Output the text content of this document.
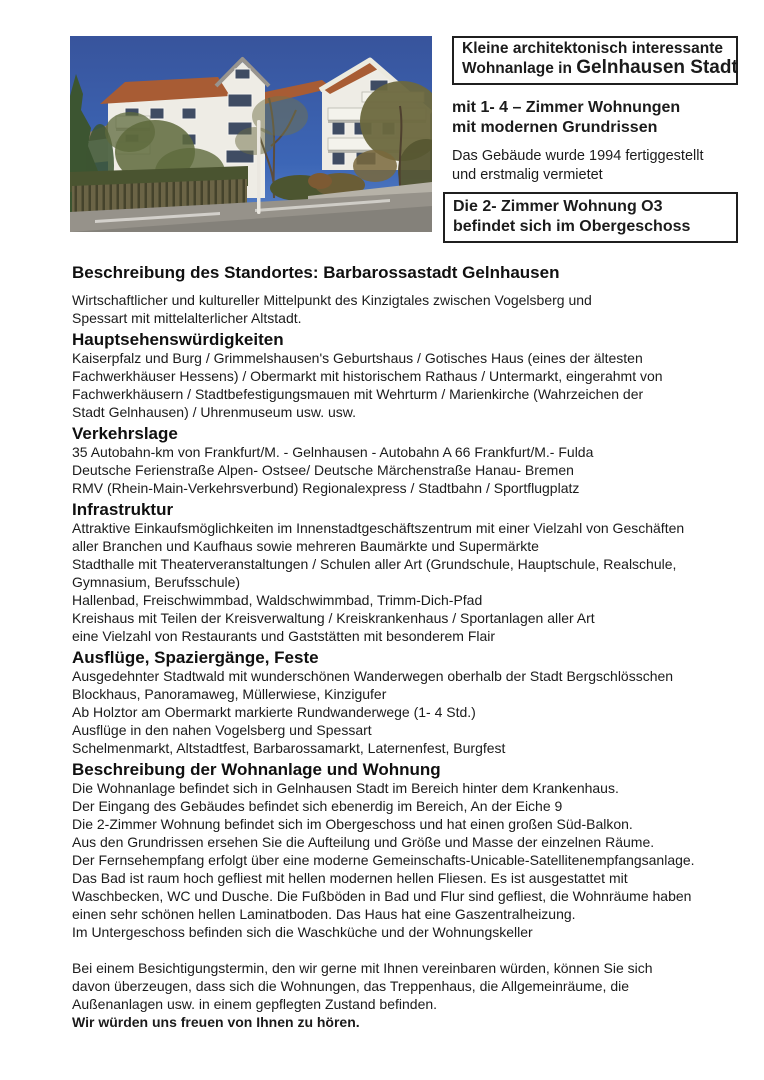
Kleine architektonisch interessante
Wohnanlage in Gelnhausen Stadt
mit 1- 4 – Zimmer Wohnungen
mit modernen Grundrissen
Das Gebäude wurde 1994 fertiggestellt
und erstmalig vermietet
Die 2- Zimmer Wohnung O3
befindet sich im Obergeschoss
Beschreibung des Standortes: Barbarossastadt Gelnhausen
Wirtschaftlicher und kultureller Mittelpunkt des Kinzigtales zwischen Vogelsberg und
Spessart mit mittelalterlicher Altstadt.
Hauptsehenswürdigkeiten
Kaiserpfalz und Burg / Grimmelshausen's Geburtshaus / Gotisches Haus (eines der ältesten
Fachwerkhäuser Hessens) / Obermarkt mit historischem Rathaus / Untermarkt, eingerahmt von
Fachwerkhäusern / Stadtbefestigungsmauen mit Wehrturm / Marienkirche (Wahrzeichen der
Stadt Gelnhausen) / Uhrenmuseum usw. usw.
Verkehrslage
35 Autobahn-km von Frankfurt/M. - Gelnhausen - Autobahn A 66 Frankfurt/M.- Fulda
Deutsche Ferienstraße Alpen- Ostsee/ Deutsche Märchenstraße Hanau- Bremen
RMV (Rhein-Main-Verkehrsverbund) Regionalexpress / Stadtbahn / Sportflugplatz
Infrastruktur
Attraktive Einkaufsmöglichkeiten im Innenstadtgeschäftszentrum mit einer Vielzahl von Geschäften
aller Branchen und Kaufhaus sowie mehreren Baumärkte und Supermärkte
Stadthalle mit Theaterveranstaltungen / Schulen aller Art (Grundschule, Hauptschule, Realschule,
Gymnasium, Berufsschule)
Hallenbad, Freischwimmbad, Waldschwimmbad, Trimm-Dich-Pfad
Kreishaus mit Teilen der Kreisverwaltung / Kreiskrankenhaus / Sportanlagen aller Art
eine Vielzahl von Restaurants und Gaststätten mit besonderem Flair
Ausflüge, Spaziergänge, Feste
Ausgedehnter Stadtwald mit wunderschönen Wanderwegen oberhalb der Stadt Bergschlösschen
Blockhaus, Panoramaweg, Müllerwiese, Kinzigufer
Ab Holztor am Obermarkt markierte Rundwanderwege (1- 4 Std.)
Ausflüge in den nahen Vogelsberg und Spessart
Schelmenmarkt, Altstadtfest, Barbarossamarkt, Laternenfest, Burgfest
Beschreibung der Wohnanlage und Wohnung
Die Wohnanlage befindet sich in Gelnhausen Stadt im Bereich hinter dem Krankenhaus.
Der Eingang des Gebäudes befindet sich ebenerdig im Bereich, An der Eiche 9
Die 2-Zimmer Wohnung befindet sich im Obergeschoss und hat einen großen Süd-Balkon.
Aus den Grundrissen ersehen Sie die Aufteilung und Größe und Masse der einzelnen Räume.
Der Fernsehempfang erfolgt über eine moderne Gemeinschafts-Unicable-Satellitenempfangsanlage.
Das Bad ist raum hoch gefliest mit hellen modernen hellen Fliesen. Es ist ausgestattet mit
Waschbecken, WC und Dusche. Die Fußböden in Bad und Flur sind gefliest, die Wohnräume haben
einen sehr schönen hellen Laminatboden. Das Haus hat eine Gaszentralheizung.
Im Untergeschoss befinden sich die Waschküche und der Wohnungskeller
Bei einem Besichtigungstermin, den wir gerne mit Ihnen vereinbaren würden, können Sie sich
davon überzeugen, dass sich die Wohnungen, das Treppenhaus, die Allgemeinräume, die
Außenanlagen usw. in einem gepflegten Zustand befinden.
Wir würden uns freuen von Ihnen zu hören.
